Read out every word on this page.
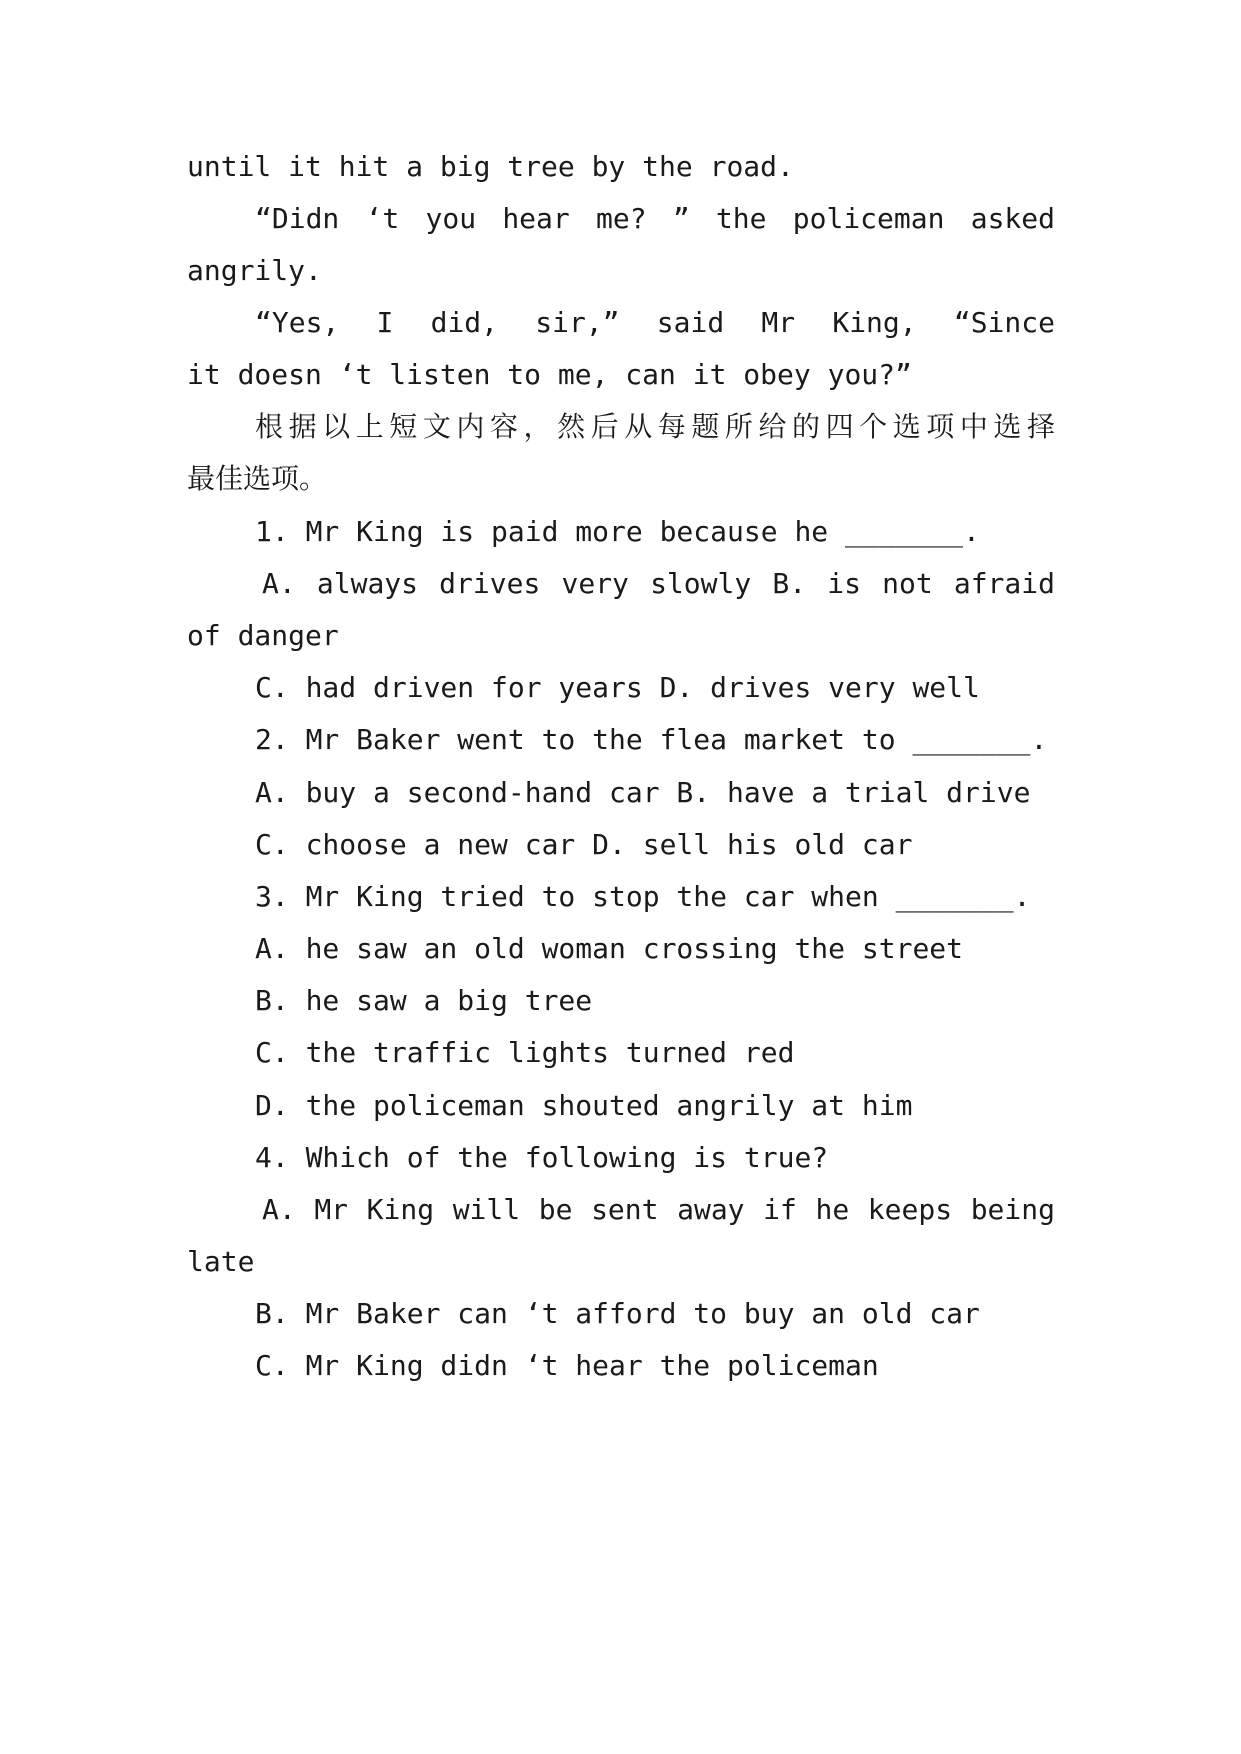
until it hit a big tree by the road.
“Didn ‘t you hear me? ” the policeman asked
angrily.
“Yes, I did, sir,” said Mr King, “Since
it doesn ‘t listen to me, can it obey you?”
根据以上短文内容，然后从每题所给的四个选项中选择
最佳选项。
1. Mr King is paid more because he _______.
A. always drives very slowly B. is not afraid
of danger
C. had driven for years D. drives very well
2. Mr Baker went to the flea market to _______.
A. buy a second-hand car B. have a trial drive
C. choose a new car D. sell his old car
3. Mr King tried to stop the car when _______.
A. he saw an old woman crossing the street
B. he saw a big tree
C. the traffic lights turned red
D. the policeman shouted angrily at him
4. Which of the following is true?
A. Mr King will be sent away if he keeps being
late
B. Mr Baker can ‘t afford to buy an old car
C. Mr King didn ‘t hear the policeman
